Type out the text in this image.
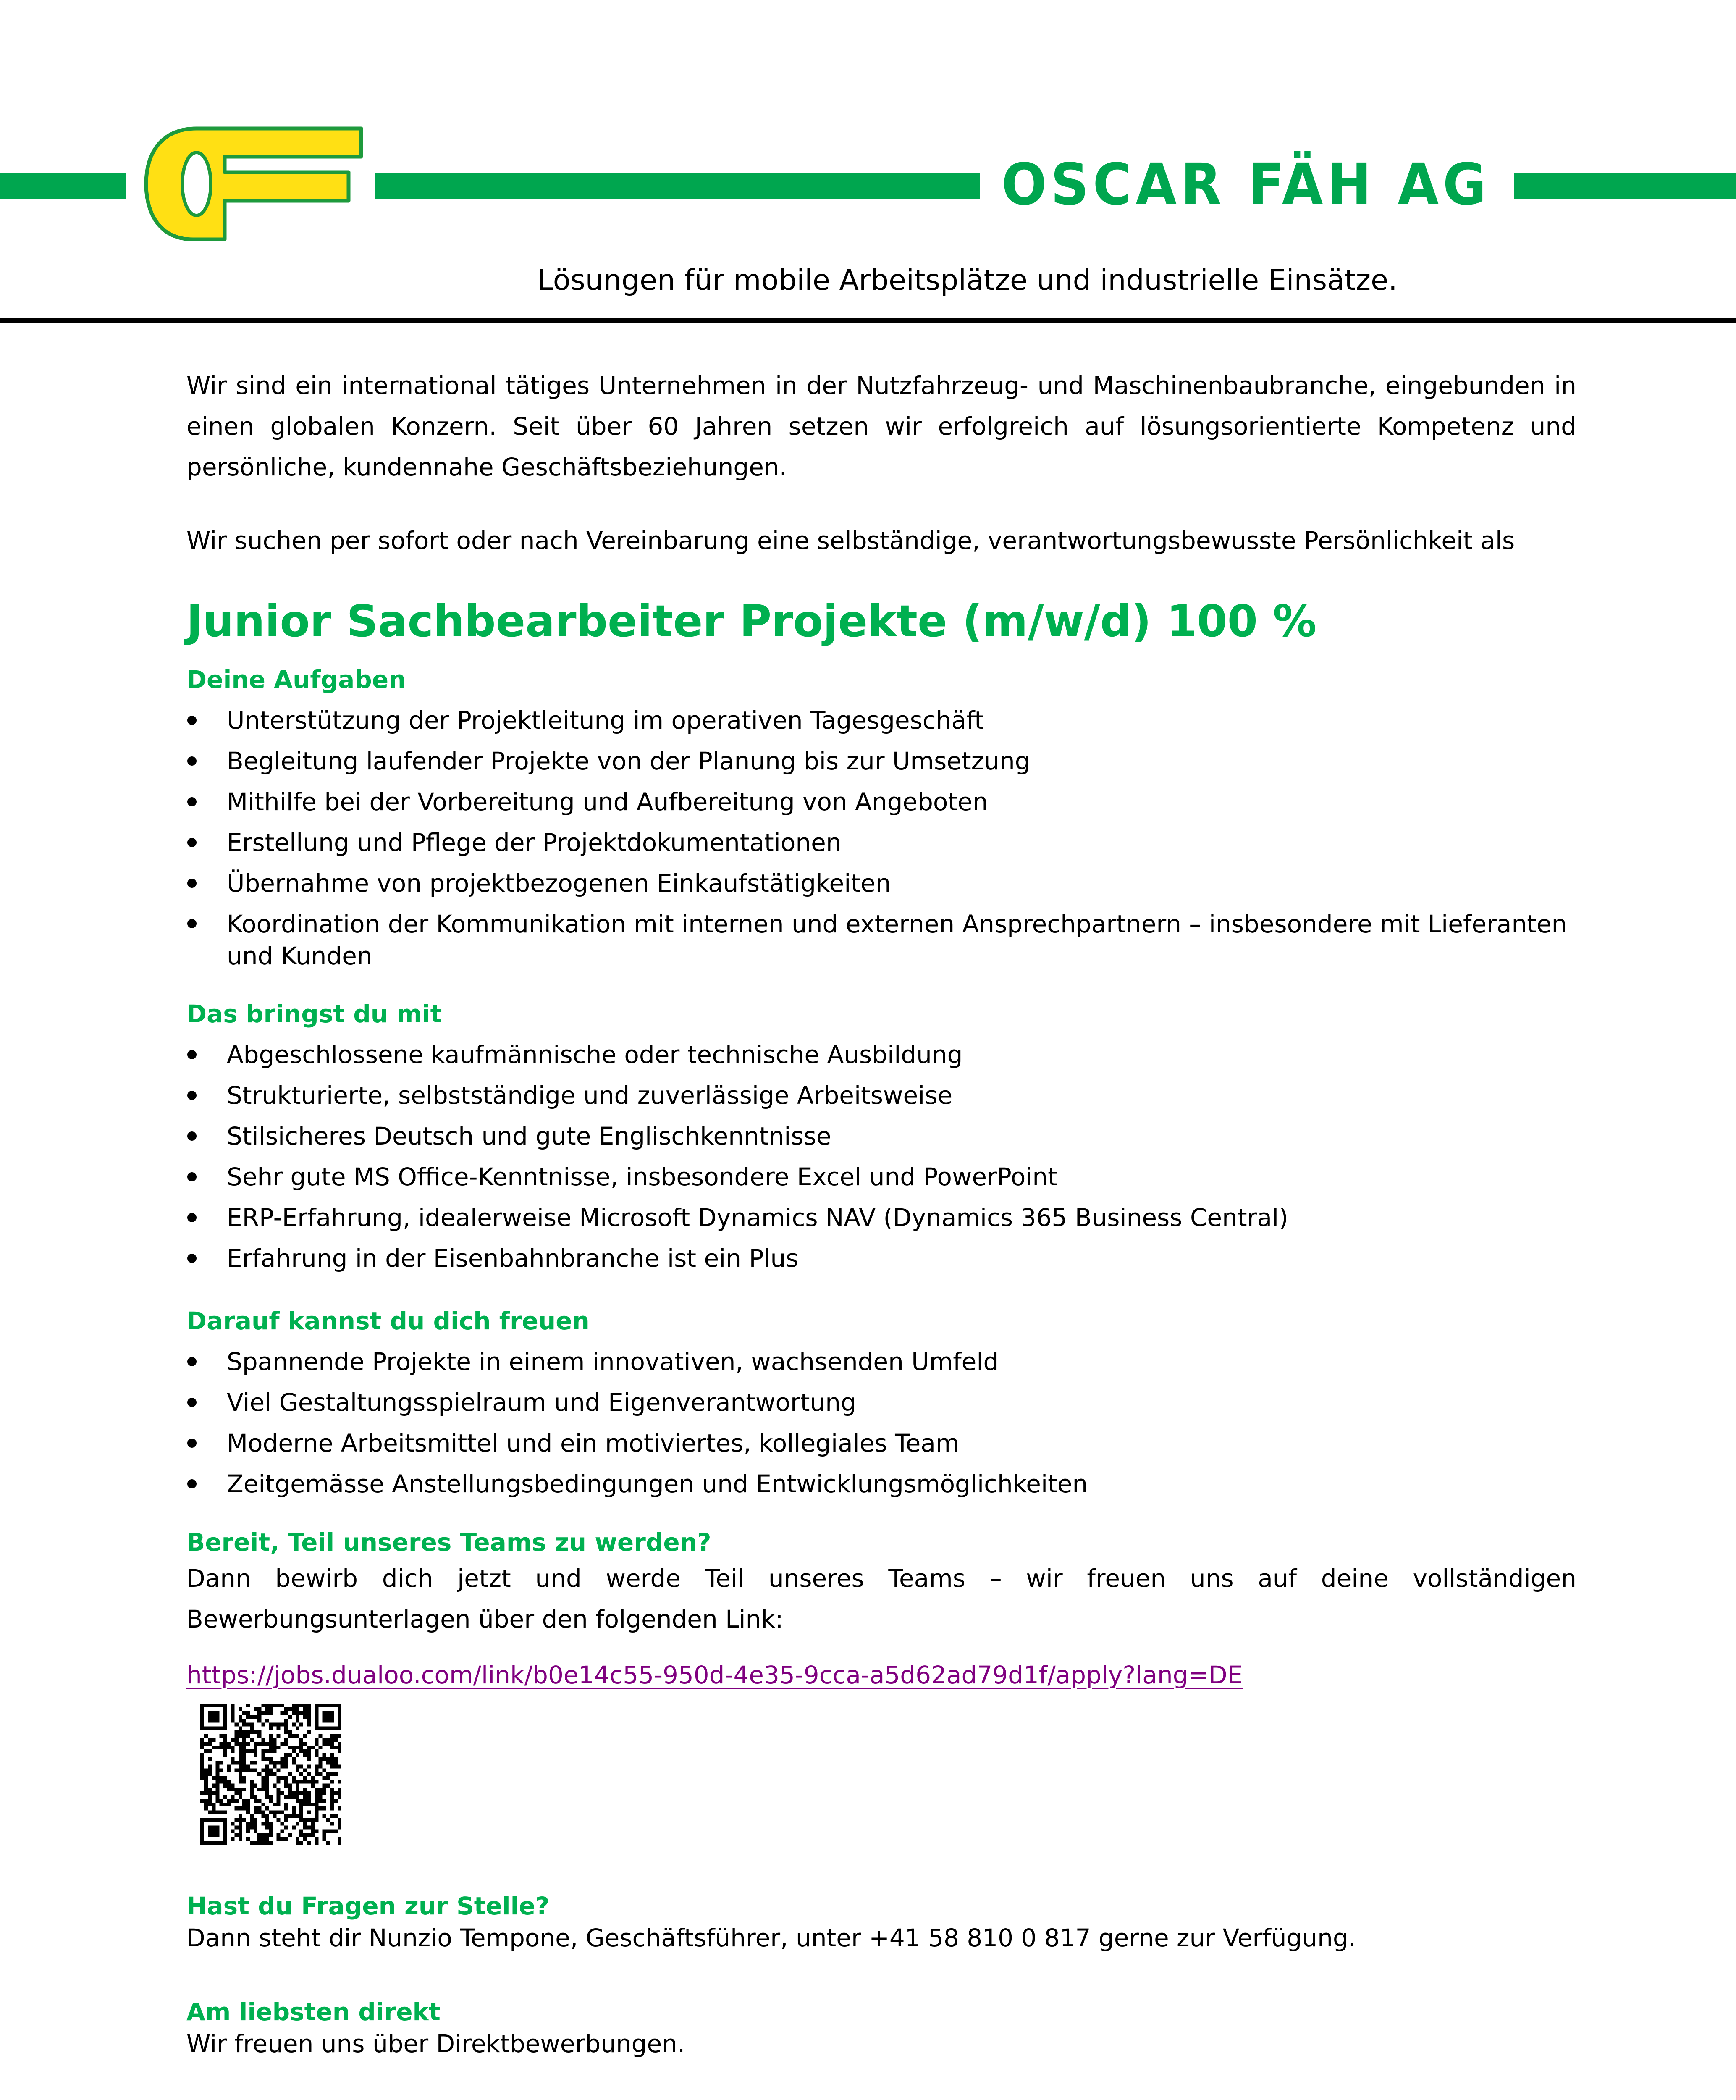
OSCAR FÄH AG
Lösungen für mobile Arbeitsplätze und industrielle Einsätze.

Wir sind ein international tätiges Unternehmen in der Nutzfahrzeug- und Maschinenbaubranche, eingebunden in einen globalen Konzern. Seit über 60 Jahren setzen wir erfolgreich auf lösungsorientierte Kompetenz und persönliche, kundennahe Geschäftsbeziehungen.

Wir suchen per sofort oder nach Vereinbarung eine selbständige, verantwortungsbewusste Persönlichkeit als

Junior Sachbearbeiter Projekte (m/w/d) 100 %
Deine Aufgaben
Unterstützung der Projektleitung im operativen Tagesgeschäft
Begleitung laufender Projekte von der Planung bis zur Umsetzung
Mithilfe bei der Vorbereitung und Aufbereitung von Angeboten
Erstellung und Pflege der Projektdokumentationen
Übernahme von projektbezogenen Einkaufstätigkeiten
Koordination der Kommunikation mit internen und externen Ansprechpartnern – insbesondere mit Lieferanten und Kunden
Das bringst du mit
Abgeschlossene kaufmännische oder technische Ausbildung
Strukturierte, selbstständige und zuverlässige Arbeitsweise
Stilsicheres Deutsch und gute Englischkenntnisse
Sehr gute MS Office-Kenntnisse, insbesondere Excel und PowerPoint
ERP-Erfahrung, idealerweise Microsoft Dynamics NAV (Dynamics 365 Business Central)
Erfahrung in der Eisenbahnbranche ist ein Plus
Darauf kannst du dich freuen
Spannende Projekte in einem innovativen, wachsenden Umfeld
Viel Gestaltungsspielraum und Eigenverantwortung
Moderne Arbeitsmittel und ein motiviertes, kollegiales Team
Zeitgemässe Anstellungsbedingungen und Entwicklungsmöglichkeiten
Bereit, Teil unseres Teams zu werden?

Dann bewirb dich jetzt und werde Teil unseres Teams – wir freuen uns auf deine vollständigen Bewerbungsunterlagen über den folgenden Link:

https://jobs.dualoo.com/link/b0e14c55-950d-4e35-9cca-a5d62ad79d1f/apply?lang=DE
Hast du Fragen zur Stelle?

Dann steht dir Nunzio Tempone, Geschäftsführer, unter +41 58 810 0 817 gerne zur Verfügung.

Am liebsten direkt

Wir freuen uns über Direktbewerbungen.
